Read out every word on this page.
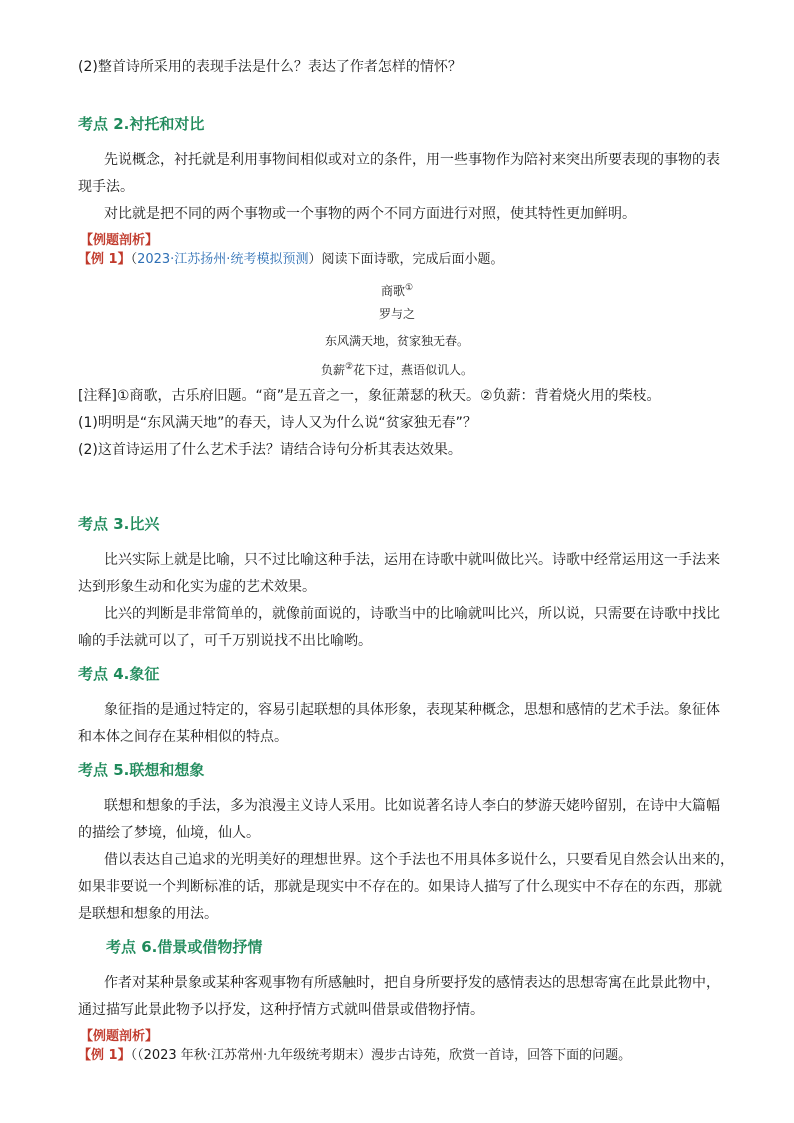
(2)整首诗所采用的表现手法是什么？表达了作者怎样的情怀？
考点 2.衬托和对比
先说概念，衬托就是利用事物间相似或对立的条件，用一些事物作为陪衬来突出所要表现的事物的表
现手法。
对比就是把不同的两个事物或一个事物的两个不同方面进行对照，使其特性更加鲜明。
【例题剖析】
【例 1】（2023·江苏扬州·统考模拟预测）阅读下面诗歌，完成后面小题。
商歌①
罗与之
东风满天地，贫家独无春。
负薪②花下过，燕语似讥人。
[注释]①商歌，古乐府旧题。“商”是五音之一，象征萧瑟的秋天。②负薪：背着烧火用的柴枝。
(1)明明是“东风满天地”的春天，诗人又为什么说“贫家独无春”？
(2)这首诗运用了什么艺术手法？请结合诗句分析其表达效果。
考点 3.比兴
比兴实际上就是比喻，只不过比喻这种手法，运用在诗歌中就叫做比兴。诗歌中经常运用这一手法来
达到形象生动和化实为虚的艺术效果。
比兴的判断是非常简单的，就像前面说的，诗歌当中的比喻就叫比兴，所以说，只需要在诗歌中找比
喻的手法就可以了，可千万别说找不出比喻哟。
考点 4.象征
象征指的是通过特定的，容易引起联想的具体形象，表现某种概念，思想和感情的艺术手法。象征体
和本体之间存在某种相似的特点。
考点 5.联想和想象
联想和想象的手法，多为浪漫主义诗人采用。比如说著名诗人李白的梦游天姥吟留别，在诗中大篇幅
的描绘了梦境，仙境，仙人。
借以表达自己追求的光明美好的理想世界。这个手法也不用具体多说什么，只要看见自然会认出来的，
如果非要说一个判断标准的话，那就是现实中不存在的。如果诗人描写了什么现实中不存在的东西，那就
是联想和想象的用法。
考点 6.借景或借物抒情
作者对某种景象或某种客观事物有所感触时，把自身所要抒发的感情表达的思想寄寓在此景此物中，
通过描写此景此物予以抒发，这种抒情方式就叫借景或借物抒情。
【例题剖析】
【例 1】（（2023 年秋·江苏常州·九年级统考期末）漫步古诗苑，欣赏一首诗，回答下面的问题。
